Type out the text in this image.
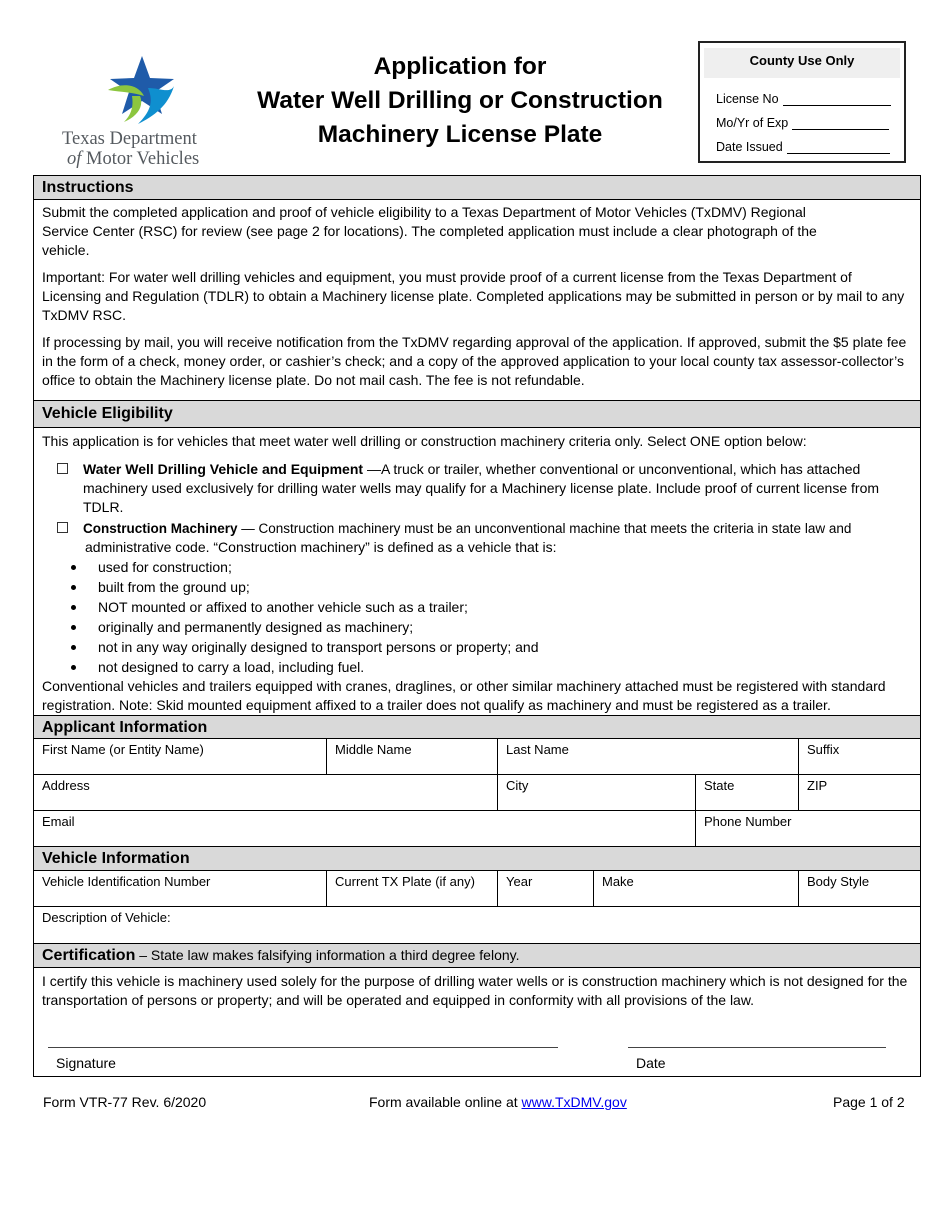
Texas Department
of Motor Vehicles
Application for
Water Well Drilling or Construction
Machinery License Plate
County Use Only
License No
Mo/Yr of Exp
Date Issued
Instructions
Submit the completed application and proof of vehicle eligibility to a Texas Department of Motor Vehicles (TxDMV) Regional Service Center (RSC) for review (see page 2 for locations). The completed application must include a clear photograph of the vehicle.
Important: For water well drilling vehicles and equipment, you must provide proof of a current license from the Texas Department of Licensing and Regulation (TDLR) to obtain a Machinery license plate. Completed applications may be submitted in person or by mail to any TxDMV RSC.
If processing by mail, you will receive notification from the TxDMV regarding approval of the application. If approved, submit the $5 plate fee in the form of a check, money order, or cashier’s check; and a copy of the approved application to your local county tax assessor-collector’s office to obtain the Machinery license plate. Do not mail cash. The fee is not refundable.
Vehicle Eligibility
This application is for vehicles that meet water well drilling or construction machinery criteria only. Select ONE option below:
Water Well Drilling Vehicle and Equipment —A truck or trailer, whether conventional or unconventional, which has attached machinery used exclusively for drilling water wells may qualify for a Machinery license plate. Include proof of current license from TDLR.
Construction Machinery — Construction machinery must be an unconventional machine that meets the criteria in state law and
administrative code. “Construction machinery” is defined as a vehicle that is:
used for construction;
built from the ground up;
NOT mounted or affixed to another vehicle such as a trailer;
originally and permanently designed as machinery;
not in any way originally designed to transport persons or property; and
not designed to carry a load, including fuel.
Conventional vehicles and trailers equipped with cranes, draglines, or other similar machinery attached must be registered with standard registration. Note: Skid mounted equipment affixed to a trailer does not qualify as machinery and must be registered as a trailer.
Applicant Information
First Name (or Entity Name)	Middle Name	Last Name	Suffix
Address	City	State	ZIP
Email	Phone Number
Vehicle Information
Vehicle Identification Number	Current TX Plate (if any)	Year	Make	Body Style
Description of Vehicle:
Certification – State law makes falsifying information a third degree felony.
I certify this vehicle is machinery used solely for the purpose of drilling water wells or is construction machinery which is not designed for the transportation of persons or property; and will be operated and equipped in conformity with all provisions of the law.
Signature	Date
Form VTR-77 Rev. 6/2020	Form available online at www.TxDMV.gov	Page 1 of 2
